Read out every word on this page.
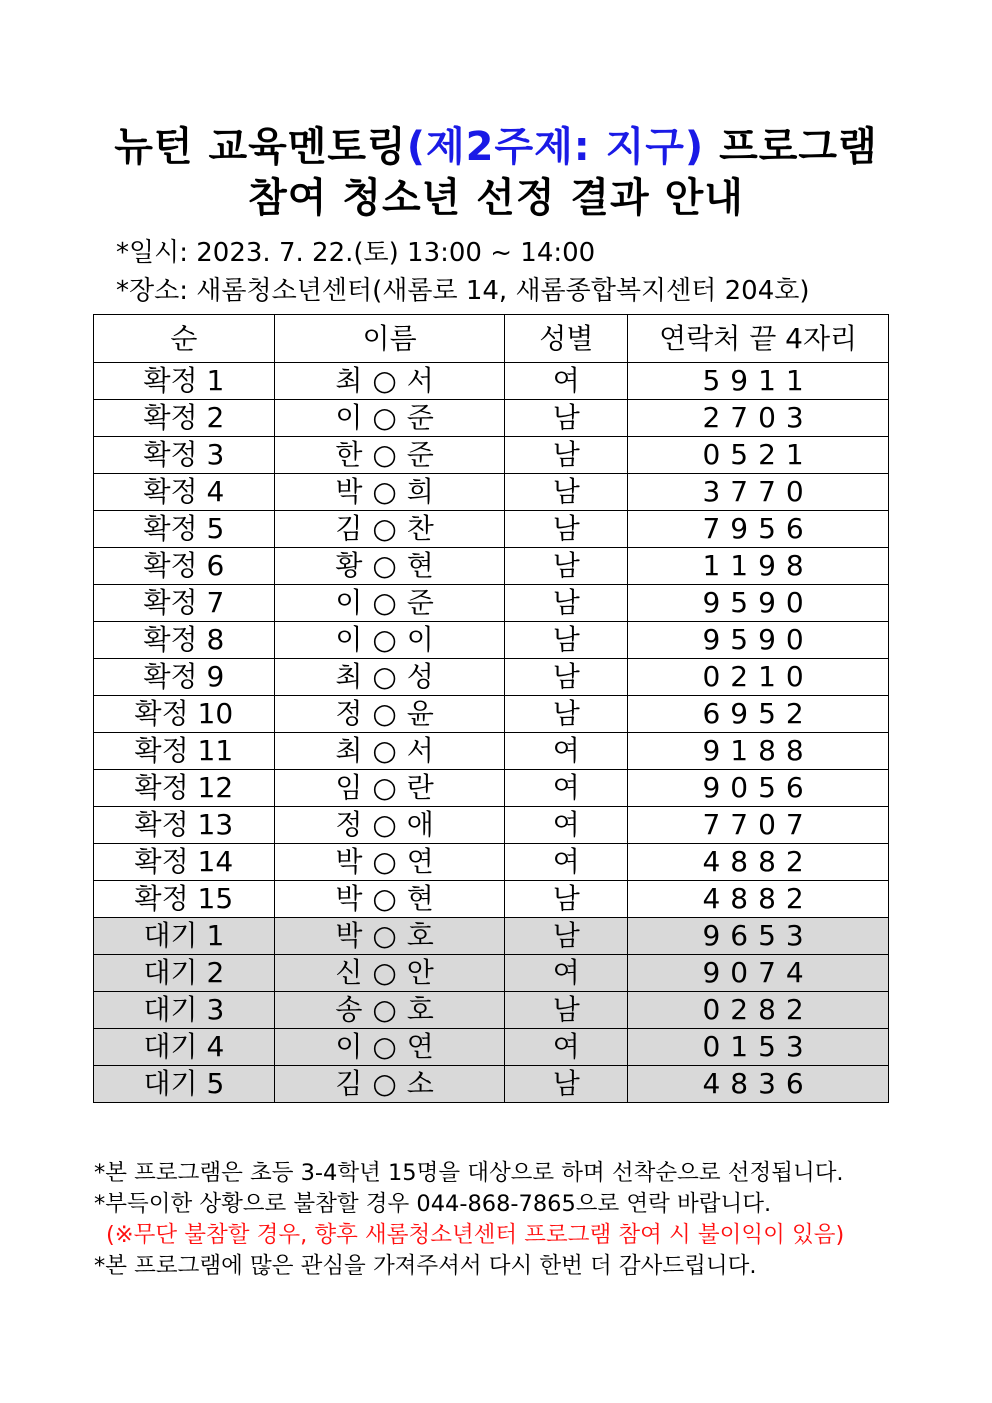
뉴턴 교육멘토링(제2주제: 지구) 프로그램
참여 청소년 선정 결과 안내
*일시: 2023. 7. 22.(토) 13:00 ~ 14:00
*장소: 새롬청소년센터(새롬로 14, 새롬종합복지센터 204호)
순	이름	성별	연락처 끝 4자리
확정 1	최○서	여	5911
확정 2	이○준	남	2703
확정 3	한○준	남	0521
확정 4	박○희	남	3770
확정 5	김○찬	남	7956
확정 6	황○현	남	1198
확정 7	이○준	남	9590
확정 8	이○이	남	9590
확정 9	최○성	남	0210
확정 10	정○윤	남	6952
확정 11	최○서	여	9188
확정 12	임○란	여	9056
확정 13	정○애	여	7707
확정 14	박○연	여	4882
확정 15	박○현	남	4882
대기 1	박○호	남	9653
대기 2	신○안	여	9074
대기 3	송○호	남	0282
대기 4	이○연	여	0153
대기 5	김○소	남	4836
*본 프로그램은 초등 3-4학년 15명을 대상으로 하며 선착순으로 선정됩니다.
*부득이한 상황으로 불참할 경우 044-868-7865으로 연락 바랍니다.
(※무단 불참할 경우, 향후 새롬청소년센터 프로그램 참여 시 불이익이 있음)
*본 프로그램에 많은 관심을 가져주셔서 다시 한번 더 감사드립니다.
